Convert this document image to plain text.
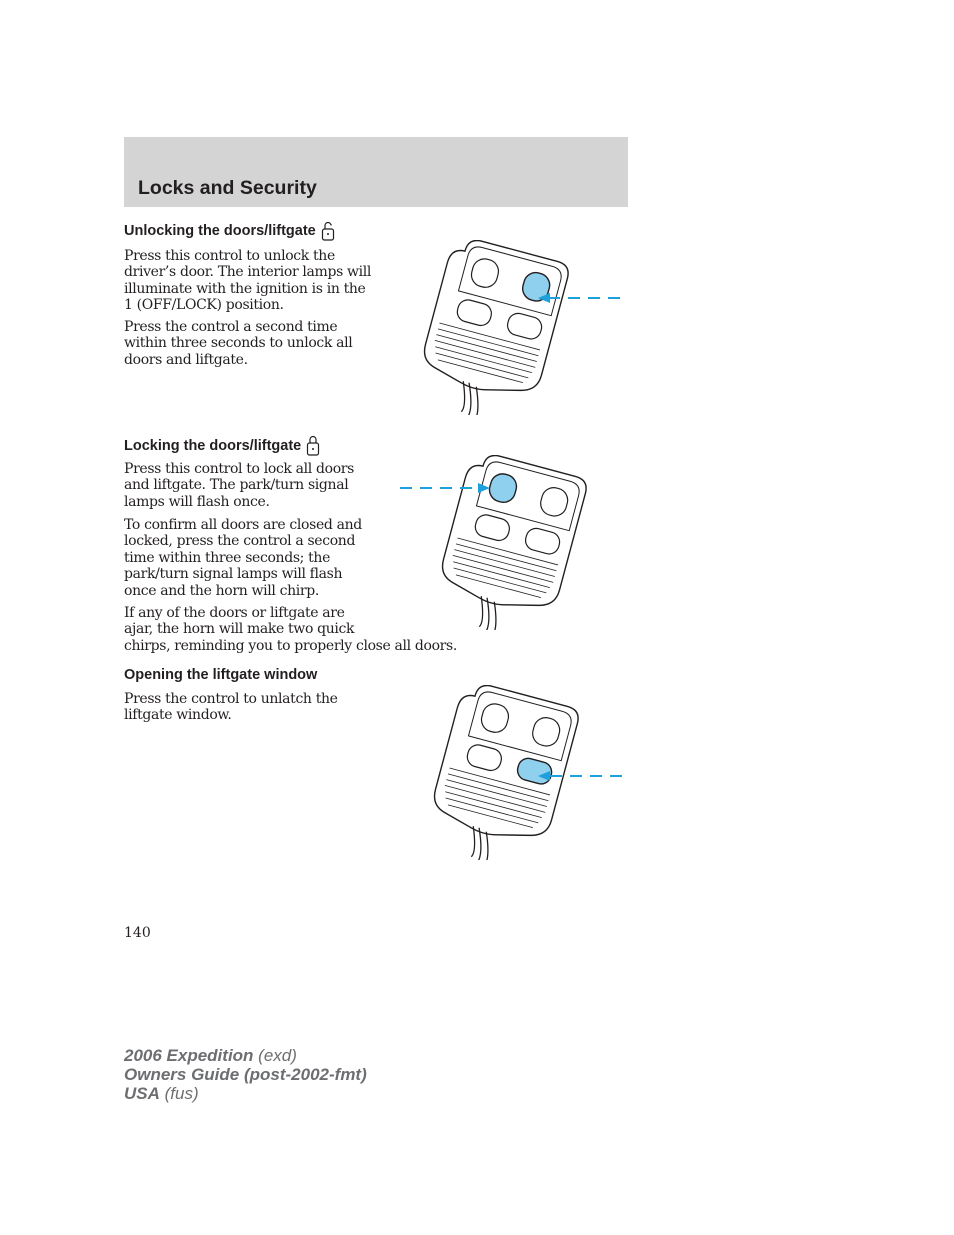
Locks and Security
Unlocking the doors/liftgate

Press this control to unlock the
driver’s door. The interior lamps will
illuminate with the ignition is in the
1 (OFF/LOCK) position.

Press the control a second time
within three seconds to unlock all
doors and liftgate.

Locking the doors/liftgate

Press this control to lock all doors
and liftgate. The park/turn signal
lamps will flash once.

To confirm all doors are closed and
locked, press the control a second
time within three seconds; the
park/turn signal lamps will flash
once and the horn will chirp.

If any of the doors or liftgate are
ajar, the horn will make two quick
chirps, reminding you to properly close all doors.

Opening the liftgate window

Press the control to unlatch the
liftgate window.

140
2006 Expedition (exd)
Owners Guide (post-2002-fmt)
USA (fus)
